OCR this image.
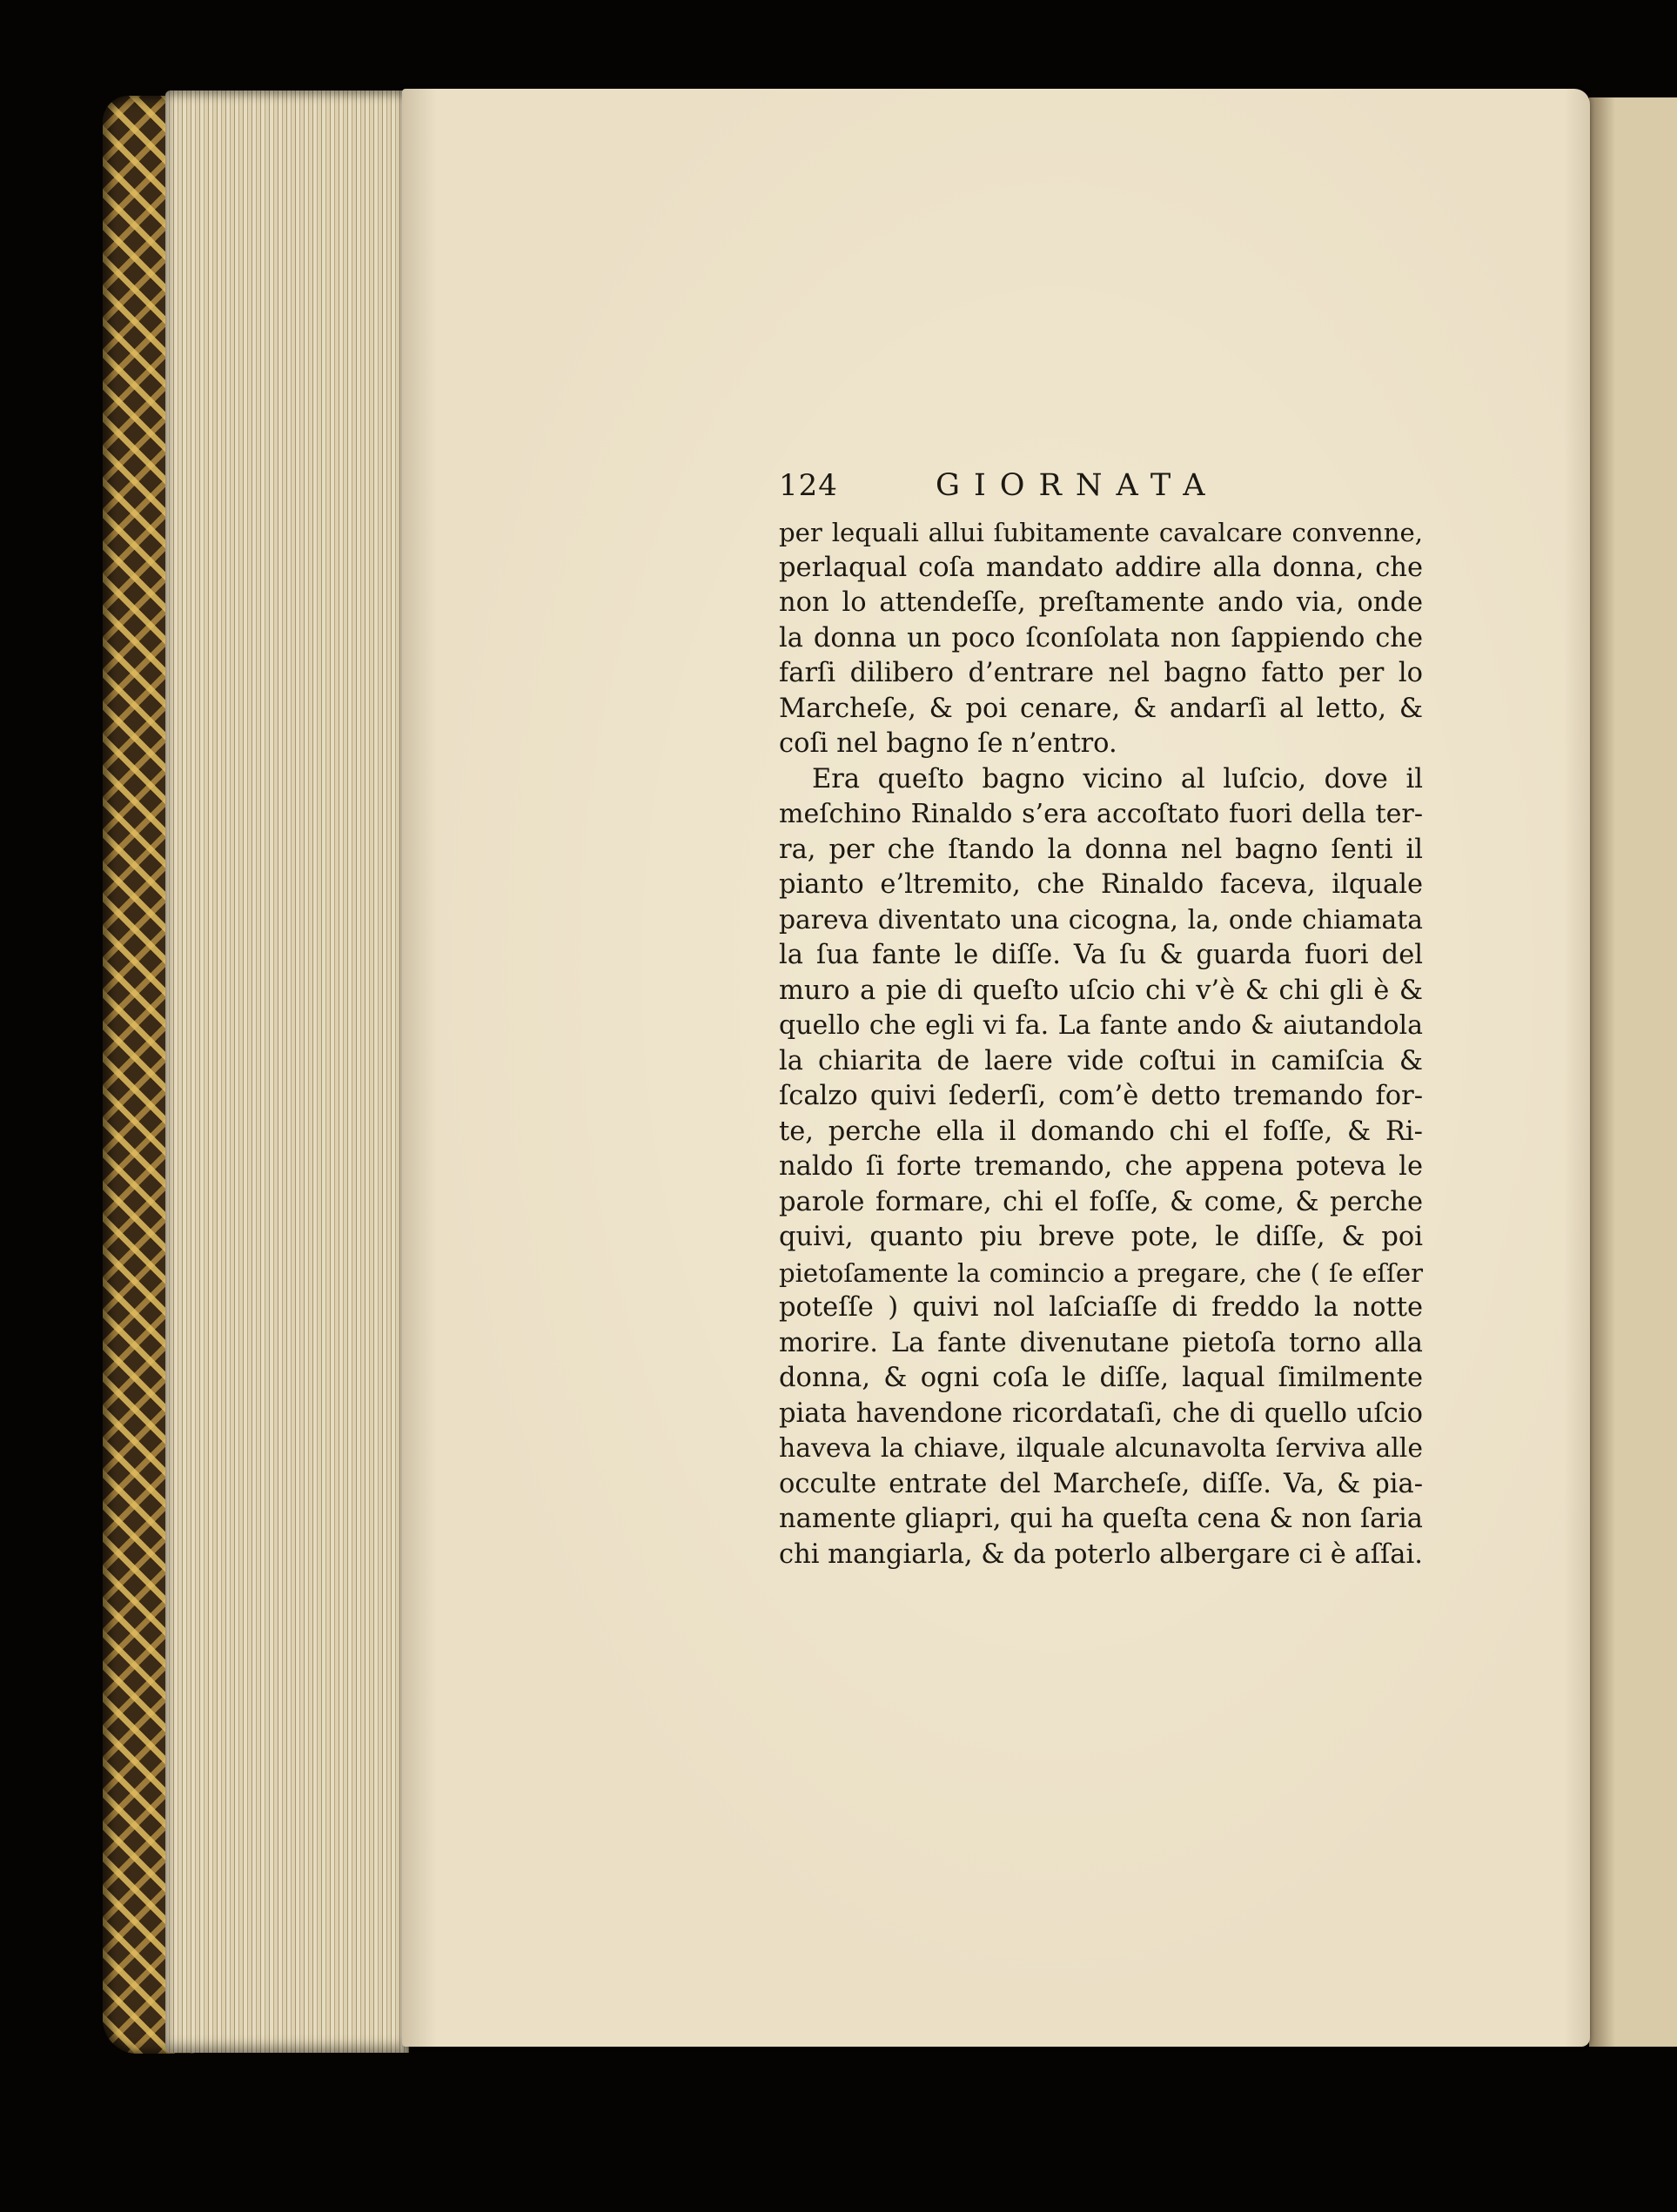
124	GIORNATA
per lequali allui ſubitamente cavalcare convenne,
perlaqual coſa mandato addire alla donna, che
non lo attendeſſe, preſtamente ando via, onde
la donna un poco ſconſolata non ſappiendo che
farſi dilibero d’entrare nel bagno fatto per lo
Marcheſe, & poi cenare, & andarſi al letto, &
coſi nel bagno ſe n’entro.
Era queſto bagno vicino al luſcio, dove il
meſchino Rinaldo s’era accoſtato fuori della ter-
ra, per che ſtando la donna nel bagno ſenti il
pianto e’ltremito, che Rinaldo faceva, ilquale
pareva diventato una cicogna, la, onde chiamata
la ſua fante le diſſe. Va ſu & guarda fuori del
muro a pie di queſto uſcio chi v’è & chi gli è &
quello che egli vi fa. La fante ando & aiutandola
la chiarita de laere vide coſtui in camiſcia &
ſcalzo quivi ſederſi, com’è detto tremando for-
te, perche ella il domando chi el foſſe, & Ri-
naldo ſi forte tremando, che appena poteva le
parole formare, chi el foſſe, & come, & perche
quivi, quanto piu breve pote, le diſſe, & poi
pietoſamente la comincio a pregare, che ( ſe eſſer
poteſſe ) quivi nol laſciaſſe di freddo la notte
morire. La fante divenutane pietoſa torno alla
donna, & ogni coſa le diſſe, laqual ſimilmente
piata havendone ricordataſi, che di quello uſcio
haveva la chiave, ilquale alcunavolta ſerviva alle
occulte entrate del Marcheſe, diſſe. Va, & pia-
namente gliapri, qui ha queſta cena & non ſaria
chi mangiarla, & da poterlo albergare ci è aſſai.
